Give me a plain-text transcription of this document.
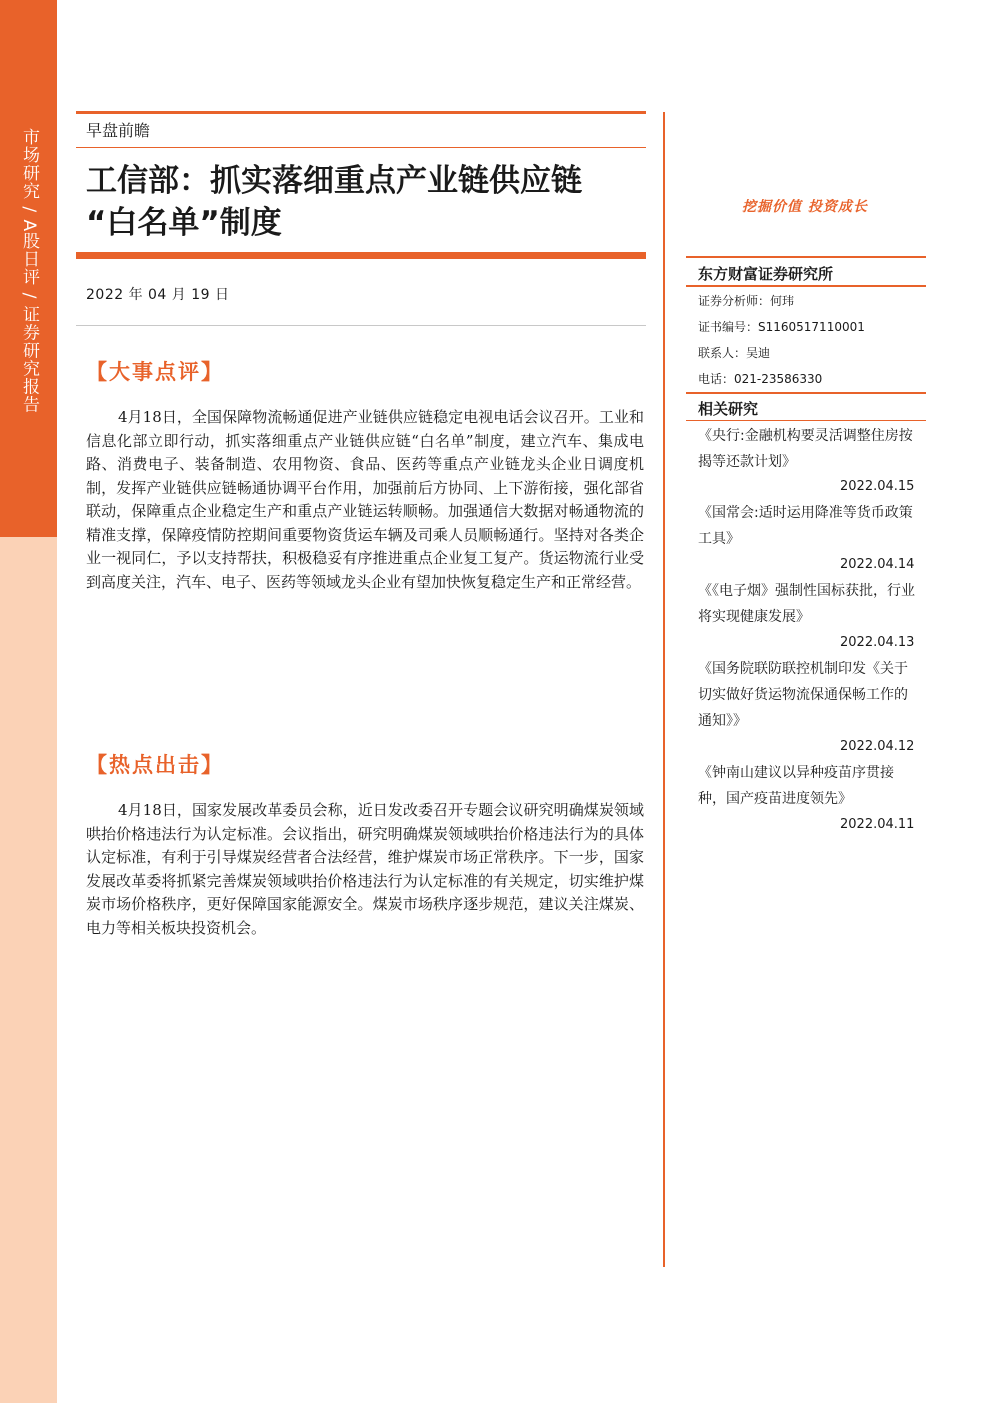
市场研究 / A股日评 / 证券研究报告	早盘前瞻
工信部：抓实落细重点产业链供应链
“白名单”制度
2022 年 04 月 19 日
【大事点评】

4月18日，全国保障物流畅通促进产业链供应链稳定电视电话会议召开。工业和信息化部立即行动，抓实落细重点产业链供应链“白名单”制度，建立汽车、集成电路、消费电子、装备制造、农用物资、食品、医药等重点产业链龙头企业日调度机制，发挥产业链供应链畅通协调平台作用，加强前后方协同、上下游衔接，强化部省联动，保障重点企业稳定生产和重点产业链运转顺畅。加强通信大数据对畅通物流的精准支撑，保障疫情防控期间重要物资货运车辆及司乘人员顺畅通行。坚持对各类企业一视同仁，予以支持帮扶，积极稳妥有序推进重点企业复工复产。货运物流行业受到高度关注，汽车、电子、医药等领域龙头企业有望加快恢复稳定生产和正常经营。

【热点出击】

4月18日，国家发展改革委员会称，近日发改委召开专题会议研究明确煤炭领域哄抬价格违法行为认定标准。会议指出，研究明确煤炭领域哄抬价格违法行为的具体认定标准，有利于引导煤炭经营者合法经营，维护煤炭市场正常秩序。下一步，国家发展改革委将抓紧完善煤炭领域哄抬价格违法行为认定标准的有关规定，切实维护煤炭市场价格秩序，更好保障国家能源安全。煤炭市场秩序逐步规范，建议关注煤炭、电力等相关板块投资机会。

挖掘价值 投资成长
东方财富证券研究所
证券分析师：何玮
证书编号：S1160517110001
联系人：吴迪
电话：021-23586330
相关研究
《央行:金融机构要灵活调整住房按揭等还款计划》
2022.04.15
《国常会:适时运用降准等货币政策工具》
2022.04.14
《《电子烟》强制性国标获批，行业将实现健康发展》
2022.04.13
《国务院联防联控机制印发《关于切实做好货运物流保通保畅工作的通知》》
2022.04.12
《钟南山建议以异种疫苗序贯接种，国产疫苗进度领先》
2022.04.11
